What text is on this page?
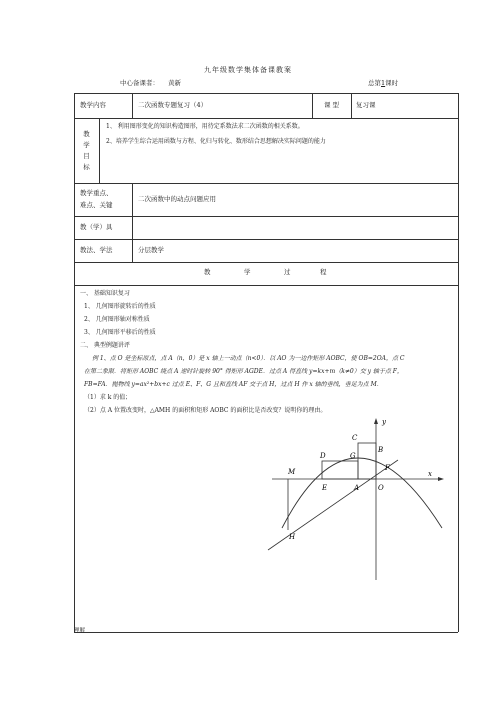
九年级数学集体备课教案
中心备课者： 黄新	总第1课时
教学内容	二次函数专题复习（4）	课 型	复习课
教
学
目
标
1、 利用图形变化的知识构造图形，用待定系数法求二次函数的相关系数。
2、培养学生综合运用函数与方程、化归与转化、数形结合思想解决实际问题的能力
教学重点、
难点、关键
二次函数中的动点问题应用
教（学）具
教法、学法	分层教学
教	学	过	程
一、 基础知识复习
1、 几何图形旋转后的性质
2、 几何图形轴对称性质
3、 几何图形平移后的性质
二、 典型例题讲评
例 1、点 O 是坐标原点，点 A（n，0）是 x 轴上一动点（n<0）．以 AO 为一边作矩形 AOBC，使 OB=2OA，点 C
在第二象限．将矩形 AOBC 绕点 A 逆时针旋转 90° 得矩形 AGDE．过点 A 得直线 y=kx+m（k≠0）交 y 轴于点 F，
FB=FA．抛物线 y=ax²+bx+c 过点 E、F、G 且和直线 AF 交于点 H，过点 H 作 x 轴的垂线，垂足为点 M．
（1）求 k 的值；
（2）点 A 位置改变时，△AMH 的面积和矩形 AOBC 的面积比是否改变？说明你的理由。
y
x
C
B
D	G
F
M
E	A	O
H
理解
